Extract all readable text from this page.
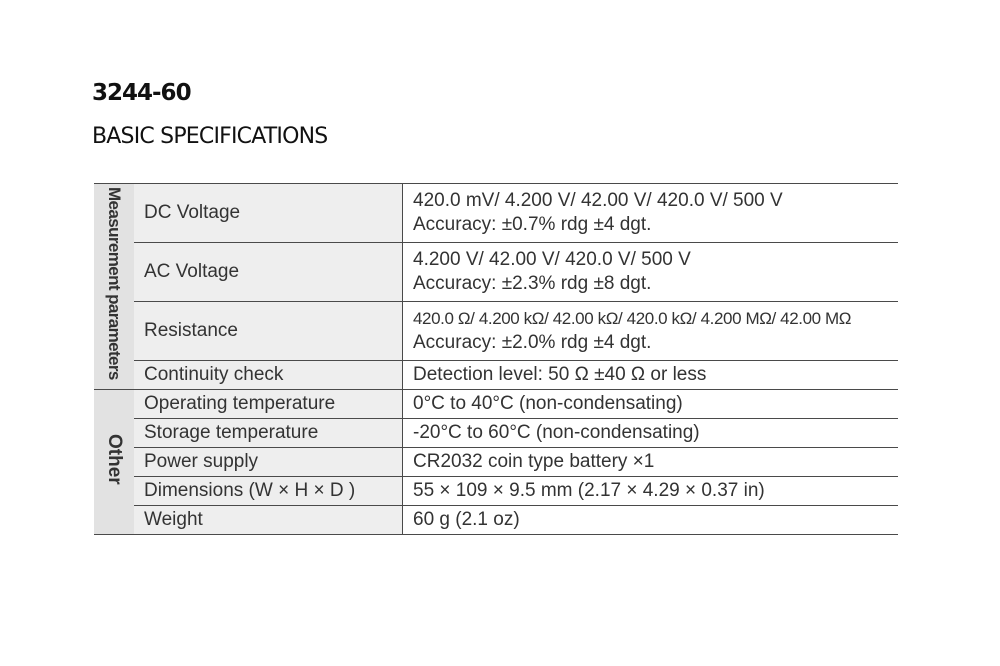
3244-60
BASIC SPECIFICATIONS
Measurement parameters	DC Voltage	420.0 mV/ 4.200 V/ 42.00 V/ 420.0 V/ 500 V
Accuracy: ±0.7% rdg ±4 dgt.

	AC Voltage	4.200 V/ 42.00 V/ 420.0 V/ 500 V
Accuracy: ±2.3% rdg ±8 dgt.

	Resistance	420.0 Ω/ 4.200 kΩ/ 42.00 kΩ/ 420.0 kΩ/ 4.200 MΩ/ 42.00 MΩ
Accuracy: ±2.0% rdg ±4 dgt.

	Continuity check	Detection level: 50 Ω ±40 Ω or less

Other	Operating temperature	0°C to 40°C (non-condensating)

	Storage temperature	-20°C to 60°C (non-condensating)

	Power supply	CR2032 coin type battery ×1

	Dimensions (W × H × D )	55 × 109 × 9.5 mm (2.17 × 4.29 × 0.37 in)

	Weight	60 g (2.1 oz)
